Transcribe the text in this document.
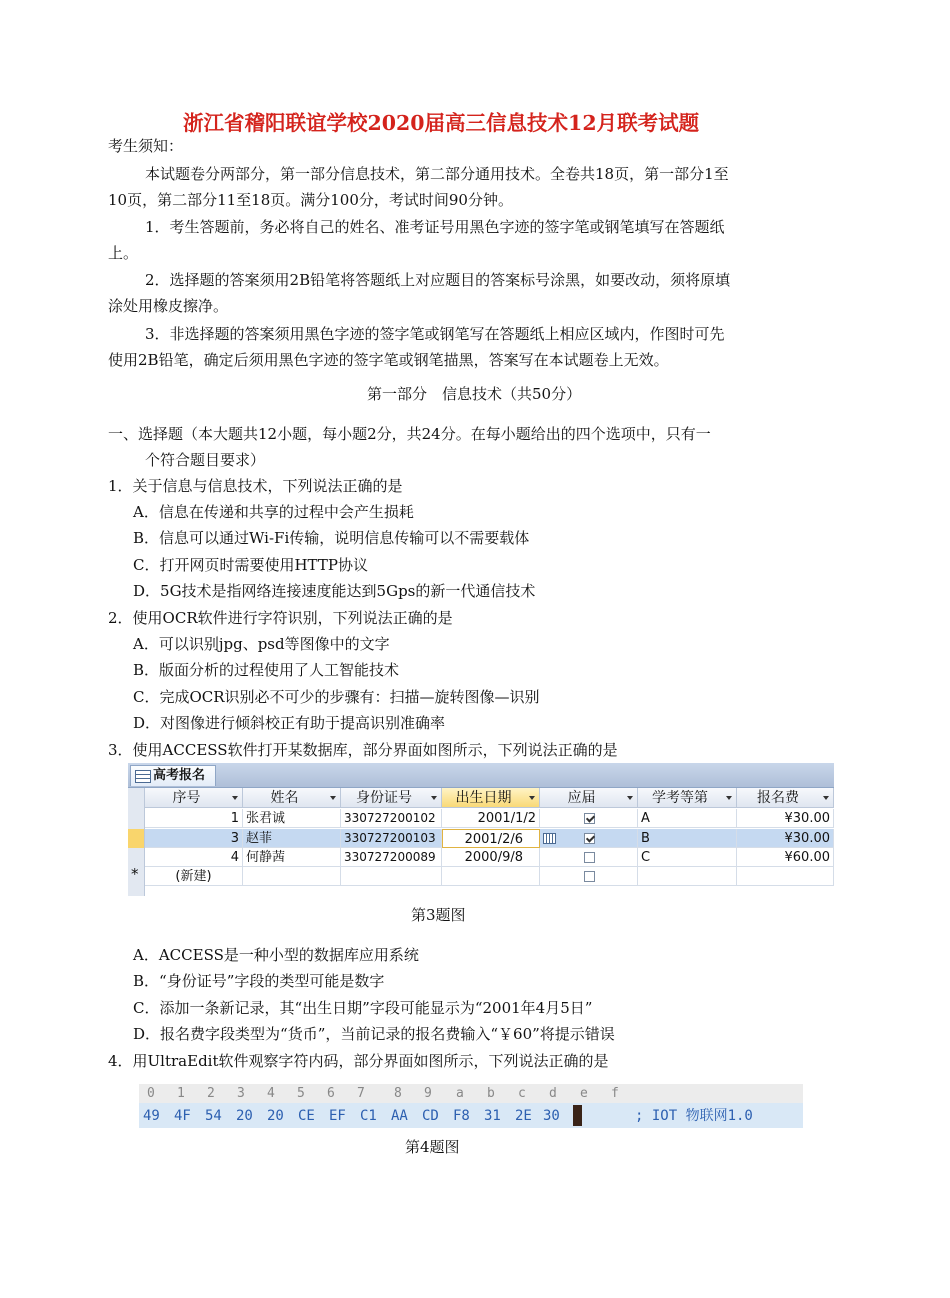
浙江省稽阳联谊学校2020届高三信息技术12月联考试题
考生须知：
本试题卷分两部分，第一部分信息技术，第二部分通用技术。全卷共18页，第一部分1至
10页，第二部分11至18页。满分100分，考试时间90分钟。
1．考生答题前，务必将自己的姓名、准考证号用黑色字迹的签字笔或钢笔填写在答题纸
上。
2．选择题的答案须用2B铅笔将答题纸上对应题目的答案标号涂黑，如要改动，须将原填
涂处用橡皮擦净。
3．非选择题的答案须用黑色字迹的签字笔或钢笔写在答题纸上相应区域内，作图时可先
使用2B铅笔，确定后须用黑色字迹的签字笔或钢笔描黑，答案写在本试题卷上无效。
第一部分　信息技术（共50分）
一、选择题（本大题共12小题，每小题2分，共24分。在每小题给出的四个选项中，只有一
个符合题目要求）
1．关于信息与信息技术，下列说法正确的是
A．信息在传递和共享的过程中会产生损耗
B．信息可以通过Wi-Fi传输，说明信息传输可以不需要载体
C．打开网页时需要使用HTTP协议
D．5G技术是指网络连接速度能达到5Gps的新一代通信技术
2．使用OCR软件进行字符识别，下列说法正确的是
A．可以识别jpg、psd等图像中的文字
B．版面分析的过程使用了人工智能技术
C．完成OCR识别必不可少的步骤有：扫描—旋转图像—识别
D．对图像进行倾斜校正有助于提高识别准确率
3．使用ACCESS软件打开某数据库，部分界面如图所示，下列说法正确的是
高考报名
序号	姓名	身份证号	出生日期	应届	学考等第	报名费
1 张君诚	330727200102	2001/1/2	A	¥30.00
3 赵菲	330727200103	2001/2/6	B	¥30.00
4 何静茜	330727200089	2000/9/8	C	¥60.00
*	(新建)
第3题图
A．ACCESS是一种小型的数据库应用系统
B．“身份证号”字段的类型可能是数字
C．添加一条新记录，其“出生日期”字段可能显示为“2001年4月5日”
D．报名费字段类型为“货币”，当前记录的报名费输入“￥60”将提示错误
4．用UltraEdit软件观察字符内码，部分界面如图所示，下列说法正确的是
0 1 2 3 4 5 6 7 8 9 a b c d e f
49 4F 54 20 20 CE EF C1 AA CD F8 31 2E 30	; IOT 物联网1.0
第4题图
